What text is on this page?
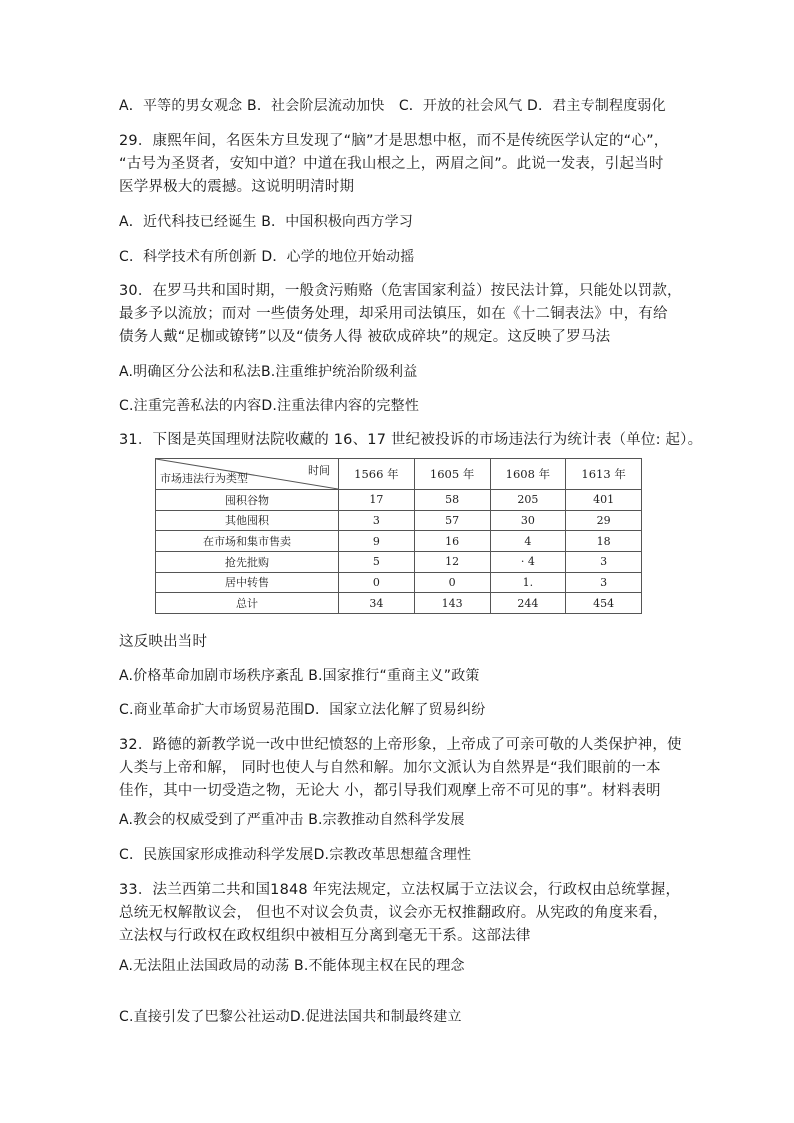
A．平等的男女观念 B．社会阶层流动加快　C．开放的社会风气 D．君主专制程度弱化
29．康熙年间，名医朱方旦发现了“脑”才是思想中枢，而不是传统医学认定的“心”，
“古号为圣贤者，安知中道？中道在我山根之上，两眉之间”。此说一发表，引起当时
医学界极大的震撼。这说明明清时期
A．近代科技已经诞生 B．中国积极向西方学习
C．科学技术有所创新 D．心学的地位开始动摇
30．在罗马共和国时期，一般贪污贿赂（危害国家利益）按民法计算，只能处以罚款，
最多予以流放；而对 一些债务处理，却采用司法镇压，如在《十二铜表法》中，有给
债务人戴“足枷或镣铐”以及“债务人得 被砍成碎块”的规定。这反映了罗马法
A.明确区分公法和私法B.注重维护统治阶级利益
C.注重完善私法的内容D.注重法律内容的完整性
31．下图是英国理财法院收藏的 16、17 世纪被投诉的市场违法行为统计表（单位: 起）。
时间
市场违法行为类型	1566 年	1605 年	1608 年	1613 年
囤积谷物	17	58	205	401
其他囤积	3	57	30	29
在市场和集市售卖	9	16	4	18
抢先批购	5	12	· 4	3
居中转售	0	0	1.	3
总计	34	143	244	454
这反映出当时
A.价格革命加剧市场秩序紊乱 B.国家推行“重商主义”政策
C.商业革命扩大市场贸易范围D．国家立法化解了贸易纠纷
32．路德的新教学说一改中世纪愤怒的上帝形象，上帝成了可亲可敬的人类保护神，使
人类与上帝和解， 同时也使人与自然和解。加尔文派认为自然界是“我们眼前的一本
佳作，其中一切受造之物，无论大 小，都引导我们观摩上帝不可见的事”。材料表明
A.教会的权威受到了严重冲击 B.宗教推动自然科学发展
C．民族国家形成推动科学发展D.宗教改革思想蕴含理性
33．法兰西第二共和国1848 年宪法规定，立法权属于立法议会，行政权由总统掌握，
总统无权解散议会， 但也不对议会负责，议会亦无权推翻政府。从宪政的角度来看，
立法权与行政权在政权组织中被相互分离到毫无干系。这部法律
A.无法阻止法国政局的动荡 B.不能体现主权在民的理念
C.直接引发了巴黎公社运动D.促进法国共和制最终建立
